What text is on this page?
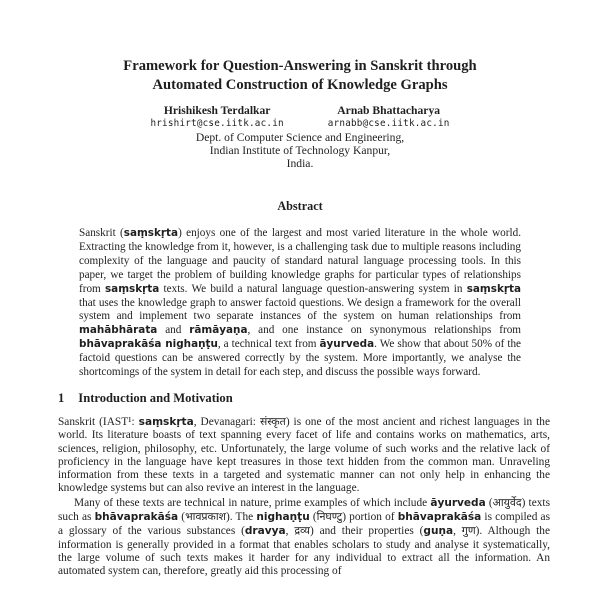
Framework for Question-Answering in Sanskrit through
Automated Construction of Knowledge Graphs
Hrishikesh Terdalkar
hrishirt@cse.iitk.ac.in
Arnab Bhattacharya
arnabb@cse.iitk.ac.in
Dept. of Computer Science and Engineering,
Indian Institute of Technology Kanpur,
India.
Abstract

Sanskrit (saṃskṛta) enjoys one of the largest and most varied literature in the whole world. Extracting the knowledge from it, however, is a challenging task due to multiple reasons including complexity of the language and paucity of standard natural language processing tools. In this paper, we target the problem of building knowledge graphs for particular types of relationships from saṃskṛta texts. We build a natural language question-answering system in saṃskṛta that uses the knowledge graph to answer factoid questions. We design a framework for the overall system and implement two separate instances of the system on human relationships from mahābhārata and rāmāyaṇa, and one instance on synonymous relationships from bhāvaprakāśa nighaṇṭu, a technical text from āyurveda. We show that about 50% of the factoid questions can be answered correctly by the system. More importantly, we analyse the shortcomings of the system in detail for each step, and discuss the possible ways forward.

1 Introduction and Motivation

Sanskrit (IAST¹: saṃskṛta, Devanagari: संस्कृत) is one of the most ancient and richest languages in the world. Its literature boasts of text spanning every facet of life and contains works on mathematics, arts, sciences, religion, philosophy, etc. Unfortunately, the large volume of such works and the relative lack of proficiency in the language have kept treasures in those text hidden from the common man. Unraveling information from these texts in a targeted and systematic manner can not only help in enhancing the knowledge systems but can also revive an interest in the language.

Many of these texts are technical in nature, prime examples of which include āyurveda (आयुर्वेद) texts such as bhāvaprakāśa (भावप्रकाश). The nighaṇṭu (निघण्टु) portion of bhāvaprakāśa is compiled as a glossary of the various substances (dravya, द्रव्य) and their properties (guṇa, गुण). Although the information is generally provided in a format that enables scholars to study and analyse it systematically, the large volume of such texts makes it harder for any individual to extract all the information. An automated system can, therefore, greatly aid this processing of
